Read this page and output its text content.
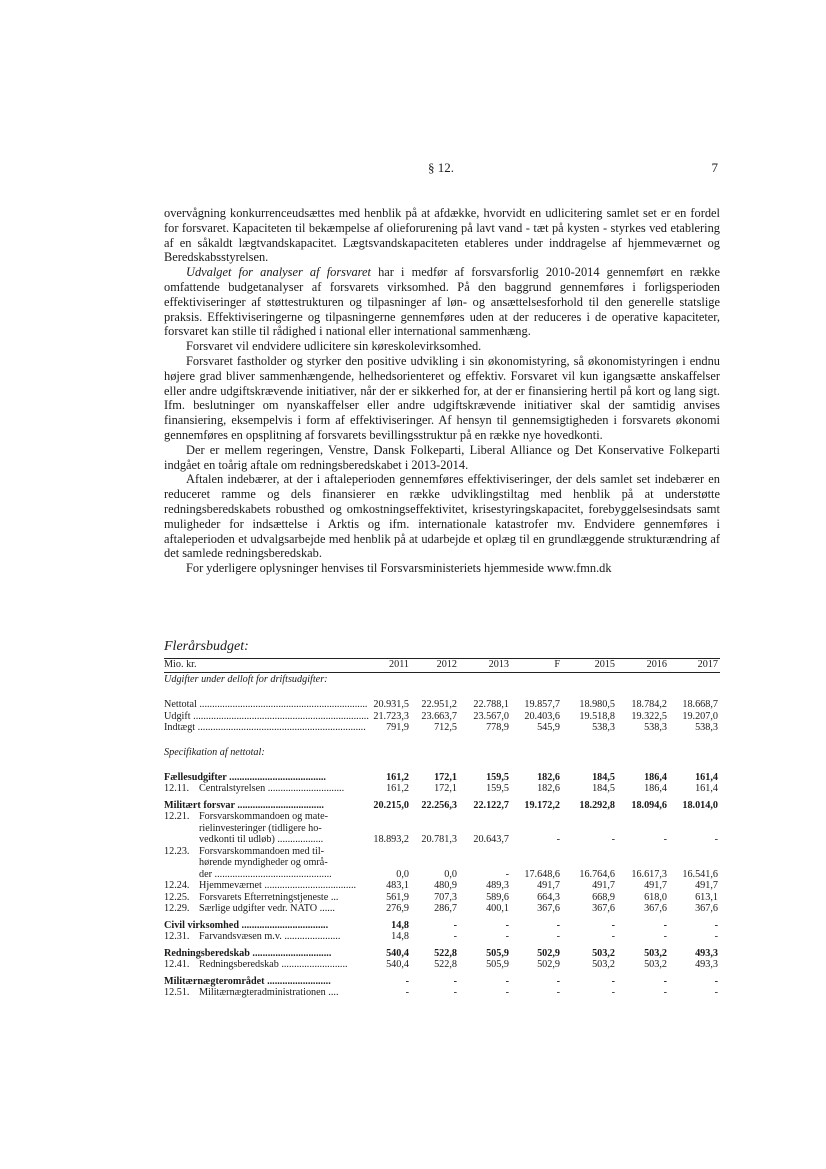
§ 12.	7

overvågning konkurrenceudsættes med henblik på at afdække, hvorvidt en udlicitering samlet set er en fordel for forsvaret. Kapaciteten til bekæmpelse af olieforurening på lavt vand - tæt på kysten - styrkes ved etablering af en såkaldt lægtvandskapacitet. Lægtsvandskapaciteten etableres under inddragelse af hjemmeværnet og Beredskabsstyrelsen.

Udvalget for analyser af forsvaret har i medfør af forsvarsforlig 2010-2014 gennemført en række omfattende budgetanalyser af forsvarets virksomhed. På den baggrund gennemføres i forligsperioden effektiviseringer af støttestrukturen og tilpasninger af løn- og ansættelsesforhold til den generelle statslige praksis. Effektiviseringerne og tilpasningerne gennemføres uden at der reduceres i de operative kapaciteter, forsvaret kan stille til rådighed i national eller international sammenhæng.

Forsvaret vil endvidere udlicitere sin køreskolevirksomhed.

Forsvaret fastholder og styrker den positive udvikling i sin økonomistyring, så økonomistyringen i endnu højere grad bliver sammenhængende, helhedsorienteret og effektiv. Forsvaret vil kun igangsætte anskaffelser eller andre udgiftskrævende initiativer, når der er sikkerhed for, at der er finansiering hertil på kort og lang sigt. Ifm. beslutninger om nyanskaffelser eller andre udgiftskrævende initiativer skal der samtidig anvises finansiering, eksempelvis i form af effektiviseringer. Af hensyn til gennemsigtigheden i forsvarets økonomi gennemføres en opsplitning af forsvarets bevillingsstruktur på en række nye hovedkonti.

Der er mellem regeringen, Venstre, Dansk Folkeparti, Liberal Alliance og Det Konservative Folkeparti indgået en toårig aftale om redningsberedskabet i 2013-2014.

Aftalen indebærer, at der i aftaleperioden gennemføres effektiviseringer, der dels samlet set indebærer en reduceret ramme og dels finansierer en række udviklingstiltag med henblik på at understøtte redningsberedskabets robusthed og omkostningseffektivitet, krisestyringskapacitet, forebyggelsesindsats samt muligheder for indsættelse i Arktis og ifm. internationale katastrofer mv. Endvidere gennemføres i aftaleperioden et udvalgsarbejde med henblik på at udarbejde et oplæg til en grundlæggende strukturændring af det samlede redningsberedskab.

For yderligere oplysninger henvises til Forsvarsministeriets hjemmeside www.fmn.dk

Flerårsbudget:
Mio. kr.	2011	2012	2013	F	2015	2016	2017
Udgifter under delloft for driftsudgifter:
Nettotal .................................................................. 20.931,5	22.951,2	22.788,1	19.857,7	18.980,5	18.784,2	18.668,7
Udgift ..................................................................... 21.723,3	23.663,7	23.567,0	20.403,6	19.518,8	19.322,5	19.207,0
Indtægt ..................................................................	791,9	712,5	778,9	545,9	538,3	538,3	538,3
Specifikation af nettotal:
Fællesudgifter ......................................	161,2	172,1	159,5	182,6	184,5	186,4	161,4
12.11. Centralstyrelsen ..............................	161,2	172,1	159,5	182,6	184,5	186,4	161,4
Militært forsvar ..................................	20.215,0	22.256,3	22.122,7	19.172,2	18.292,8	18.094,6	18.014,0
12.21. Forsvarskommandoen og mate-
rielinvesteringer (tidligere ho-
vedkonti til udløb) ..................	18.893,2	20.781,3	20.643,7	-	-	-	-
12.23. Forsvarskommandoen med til-
hørende myndigheder og områ-
der ..............................................	0,0	0,0	-	17.648,6	16.764,6	16.617,3	16.541,6
12.24. Hjemmeværnet ....................................	483,1	480,9	489,3	491,7	491,7	491,7	491,7
12.25. Forsvarets Efterretningstjeneste ...	561,9	707,3	589,6	664,3	668,9	618,0	613,1
12.29. Særlige udgifter vedr. NATO ......	276,9	286,7	400,1	367,6	367,6	367,6	367,6
Civil virksomhed ..................................	14,8	-	-	-	-	-	-
12.31. Farvandsvæsen m.v. ......................	14,8	-	-	-	-	-	-
Redningsberedskab ...............................	540,4	522,8	505,9	502,9	503,2	503,2	493,3
12.41. Redningsberedskab ..........................	540,4	522,8	505,9	502,9	503,2	503,2	493,3
Militærnægterområdet .........................	-	-	-	-	-	-	-
12.51. Militærnægteradministrationen ....	-	-	-	-	-	-	-
